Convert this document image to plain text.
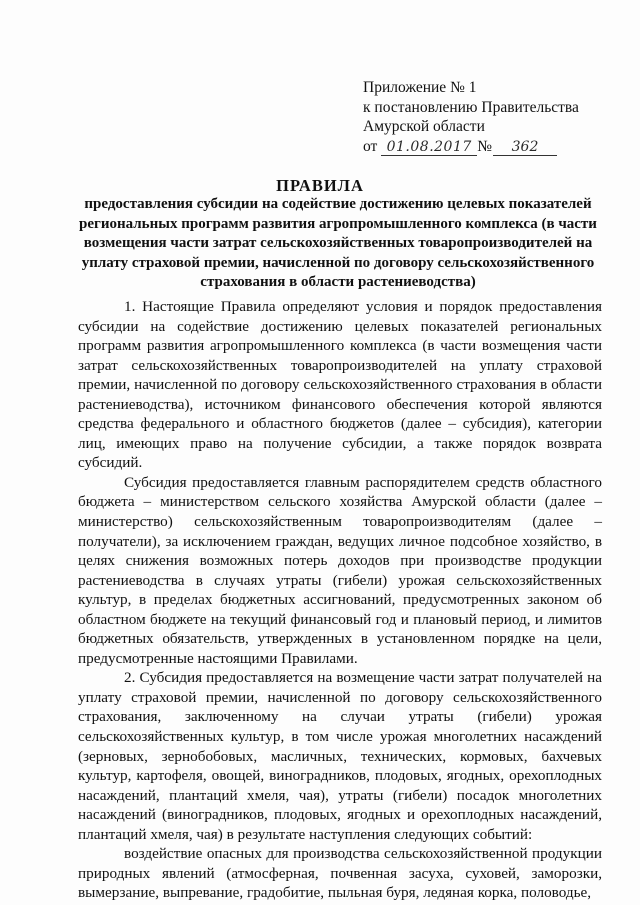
Приложение № 1
к постановлению Правительства
Амурской области
от 01.08.2017 № 362
ПРАВИЛА
предоставления субсидии на содействие достижению целевых показателей региональных программ развития агропромышленного комплекса (в части возмещения части затрат сельскохозяйственных товаропроизводителей на уплату страховой премии, начисленной по договору сельскохозяйственного страхования в области растениеводства)

1. Настоящие Правила определяют условия и порядок предоставления субсидии на содействие достижению целевых показателей региональных программ развития агропромышленного комплекса (в части возмещения части затрат сельскохозяйственных товаропроизводителей на уплату страховой премии, начисленной по договору сельскохозяйственного страхования в области растениеводства), источником финансового обеспечения которой являются средства федерального и областного бюджетов (далее – субсидия), категории лиц, имеющих право на получение субсидии, а также порядок возврата субсидий.

Субсидия предоставляется главным распорядителем средств областного бюджета – министерством сельского хозяйства Амурской области (далее – министерство) сельскохозяйственным товаропроизводителям (далее – получатели), за исключением граждан, ведущих личное подсобное хозяйство, в целях снижения возможных потерь доходов при производстве продукции растениеводства в случаях утраты (гибели) урожая сельскохозяйственных культур, в пределах бюджетных ассигнований, предусмотренных законом об областном бюджете на текущий финансовый год и плановый период, и лимитов бюджетных обязательств, утвержденных в установленном порядке на цели, предусмотренные настоящими Правилами.

2. Субсидия предоставляется на возмещение части затрат получателей на уплату страховой премии, начисленной по договору сельскохозяйственного страхования, заключенному на случаи утраты (гибели) урожая сельскохозяйственных культур, в том числе урожая многолетних насаждений (зерновых, зернобобовых, масличных, технических, кормовых, бахчевых культур, картофеля, овощей, виноградников, плодовых, ягодных, орехоплодных насаждений, плантаций хмеля, чая), утраты (гибели) посадок многолетних насаждений (виноградников, плодовых, ягодных и орехоплодных насаждений, плантаций хмеля, чая) в результате наступления следующих событий:

воздействие опасных для производства сельскохозяйственной продукции природных явлений (атмосферная, почвенная засуха, суховей, заморозки, вымерзание, выпревание, градобитие, пыльная буря, ледяная корка, половодье,
